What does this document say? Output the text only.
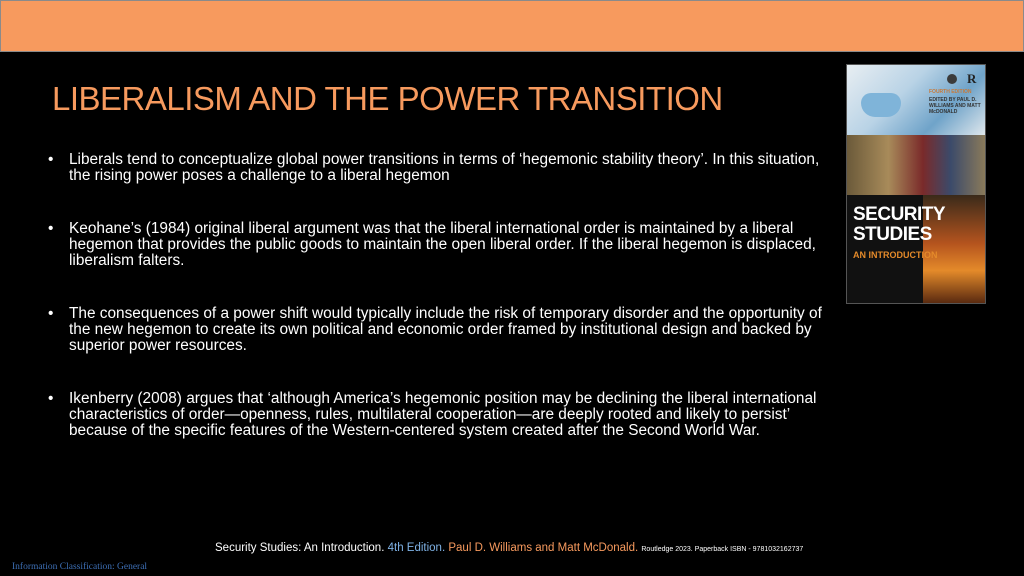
LIBERALISM AND THE POWER TRANSITION
• Liberals tend to conceptualize global power transitions in terms of ‘hegemonic stability theory’. In this situation, the rising power poses a challenge to a liberal hegemon
• Keohane’s (1984) original liberal argument was that the liberal international order is maintained by a liberal hegemon that provides the public goods to maintain the open liberal order. If the liberal hegemon is displaced, liberalism falters.
• The consequences of a power shift would typically include the risk of temporary disorder and the opportunity of the new hegemon to create its own political and economic order framed by institutional design and backed by superior power resources.
• Ikenberry (2008) argues that ‘although America’s hegemonic position may be declining the liberal international characteristics of order—openness, rules, multilateral cooperation—are deeply rooted and likely to persist’ because of the specific features of the Western-centered system created after the Second World War.
R
FOURTH EDITION
EDITED BY PAUL D. WILLIAMS AND MATT McDONALD
SECURITY
STUDIES
AN INTRODUCTION
Security Studies: An Introduction. 4th Edition. Paul D. Williams and Matt McDonald. Routledge 2023. Paperback ISBN - 9781032162737
Information Classification: General
